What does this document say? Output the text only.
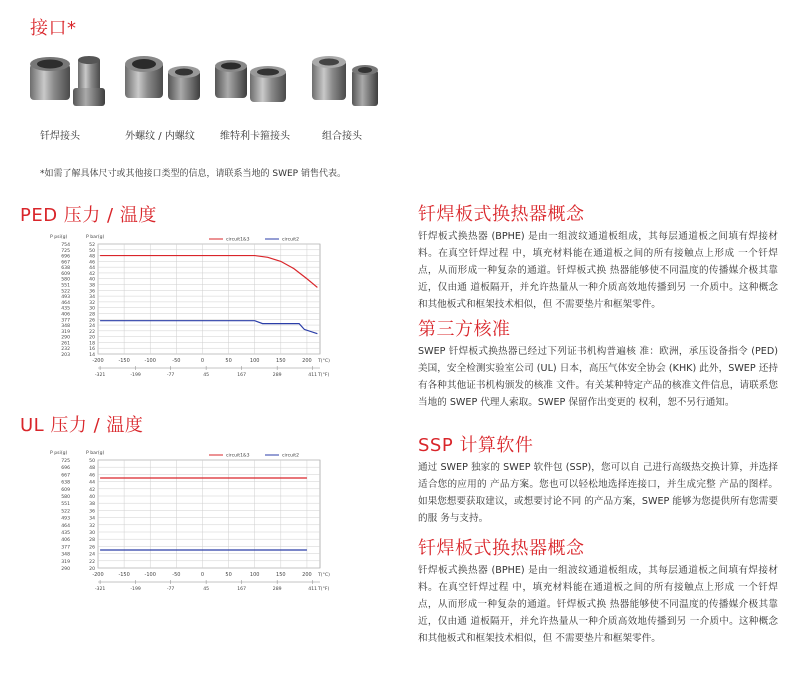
接口*
钎焊接头	外螺纹 / 内螺纹	维特利卡箍接头	组合接头
*如需了解具体尺寸或其他接口类型的信息，请联系当地的 SWEP 销售代表。
PED 压力 / 温度
14
16
18
20
22
24
26
28
30
32
34
36
38
40
42
44
46
48
50
52
203
232
261
290
319
348
377
406
435
464
493
522
551
580
609
638
667
696
725
754
-200	-150	-100	-50	0	50	100	150	200
-321	-199	-77	45	167	289	411
P bar(g)
P psi(g)
T(°C)
T(°F)
circuit1&3	circuit2
UL 压力 / 温度
20
22
24
26
28
30
32
34
36
38
40
42
44
46
48
50
290
319
348
377
406
435
464
493
522
551
580
609
638
667
696
725
-200	-150	-100	-50	0	50	100	150	200
-321	-199	-77	45	167	289	411
P bar(g)
P psi(g)
T(°C)
T(°F)
circuit1&3	circuit2
钎焊板式换热器概念
钎焊板式换热器 (BPHE) 是由一组波纹通道板组成，其每层通道板之间填有焊接材料。在真空钎焊过程 中，填充材料能在通道板之间的所有接触点上形成 一个钎焊点，从而形成一种复杂的通道。钎焊板式换 热器能够使不同温度的传播媒介极其靠近，仅由通 道板隔开，并允许热量从一种介质高效地传播到另 一介质中。这种概念和其他板式和框架技术相似，但 不需要垫片和框架零件。
第三方核准
SWEP 钎焊板式换热器已经过下列证书机构普遍核 准：欧洲，承压设备指令 (PED) 美国，安全检测实验室公司 (UL) 日本，高压气体安全协会 (KHK) 此外，SWEP 还持有各种其他证书机构颁发的核准 文件。有关某种特定产品的核准文件信息，请联系您 当地的 SWEP 代理人索取。SWEP 保留作出变更的 权利，恕不另行通知。
SSP 计算软件
通过 SWEP 独家的 SWEP 软件包 (SSP)，您可以自 己进行高级热交换计算，并选择 适合您的应用的 产品方案。您也可以轻松地选择连接口，并生成完整 产品的图样。如果您想要获取建议，或想要讨论不同 的产品方案，SWEP 能够为您提供所有您需要的服 务与支持。
钎焊板式换热器概念
钎焊板式换热器 (BPHE) 是由一组波纹通道板组成，其每层通道板之间填有焊接材料。在真空钎焊过程 中，填充材料能在通道板之间的所有接触点上形成 一个钎焊点，从而形成一种复杂的通道。钎焊板式换 热器能够使不同温度的传播媒介极其靠近，仅由通 道板隔开，并允许热量从一种介质高效地传播到另 一介质中。这种概念和其他板式和框架技术相似，但 不需要垫片和框架零件。
